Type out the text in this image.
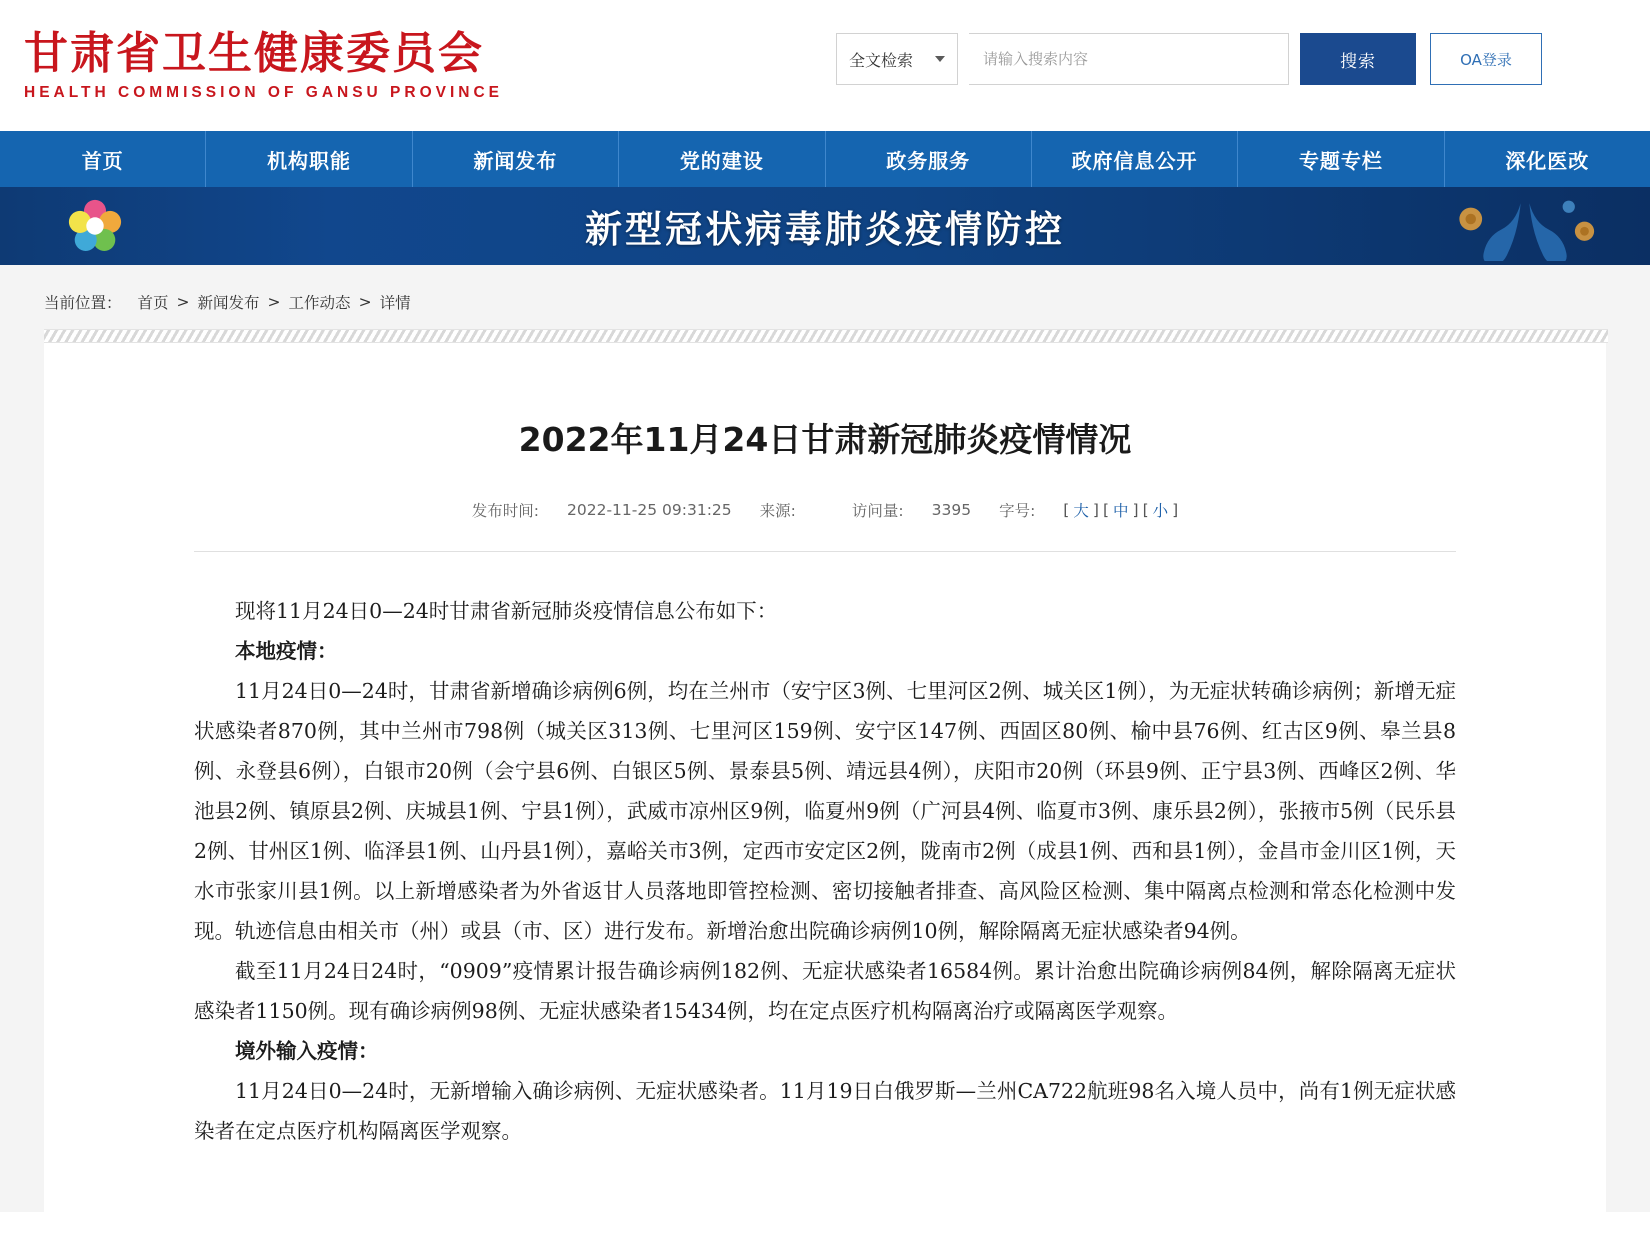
甘肃省卫生健康委员会
HEALTH COMMISSION OF GANSU PROVINCE
全文检索
请输入搜索内容	搜索	OA登录
首页	机构职能	新闻发布	党的建设	政务服务	政府信息公开	专题专栏	深化医改
新型冠状病毒肺炎疫情防控
当前位置： 首页 > 新闻发布 > 工作动态 > 详情
2022年11月24日甘肃新冠肺炎疫情情况
发布时间: 2022-11-25 09:31:25 来源:	访问量: 3395 字号: [ 大 ] [ 中 ] [ 小 ]

现将11月24日0—24时甘肃省新冠肺炎疫情信息公布如下：

本地疫情：

11月24日0—24时，甘肃省新增确诊病例6例，均在兰州市（安宁区3例、七里河区2例、城关区1例），为无症状转确诊病例；新增无症状感染者870例，其中兰州市798例（城关区313例、七里河区159例、安宁区147例、西固区80例、榆中县76例、红古区9例、皋兰县8例、永登县6例），白银市20例（会宁县6例、白银区5例、景泰县5例、靖远县4例），庆阳市20例（环县9例、正宁县3例、西峰区2例、华池县2例、镇原县2例、庆城县1例、宁县1例），武威市凉州区9例，临夏州9例（广河县4例、临夏市3例、康乐县2例），张掖市5例（民乐县2例、甘州区1例、临泽县1例、山丹县1例），嘉峪关市3例，定西市安定区2例，陇南市2例（成县1例、西和县1例），金昌市金川区1例，天水市张家川县1例。以上新增感染者为外省返甘人员落地即管控检测、密切接触者排查、高风险区检测、集中隔离点检测和常态化检测中发现。轨迹信息由相关市（州）或县（市、区）进行发布。新增治愈出院确诊病例10例，解除隔离无症状感染者94例。

截至11月24日24时，“0909”疫情累计报告确诊病例182例、无症状感染者16584例。累计治愈出院确诊病例84例，解除隔离无症状感染者1150例。现有确诊病例98例、无症状感染者15434例，均在定点医疗机构隔离治疗或隔离医学观察。

境外输入疫情：

11月24日0—24时，无新增输入确诊病例、无症状感染者。11月19日白俄罗斯—兰州CA722航班98名入境人员中，尚有1例无症状感染者在定点医疗机构隔离医学观察。
